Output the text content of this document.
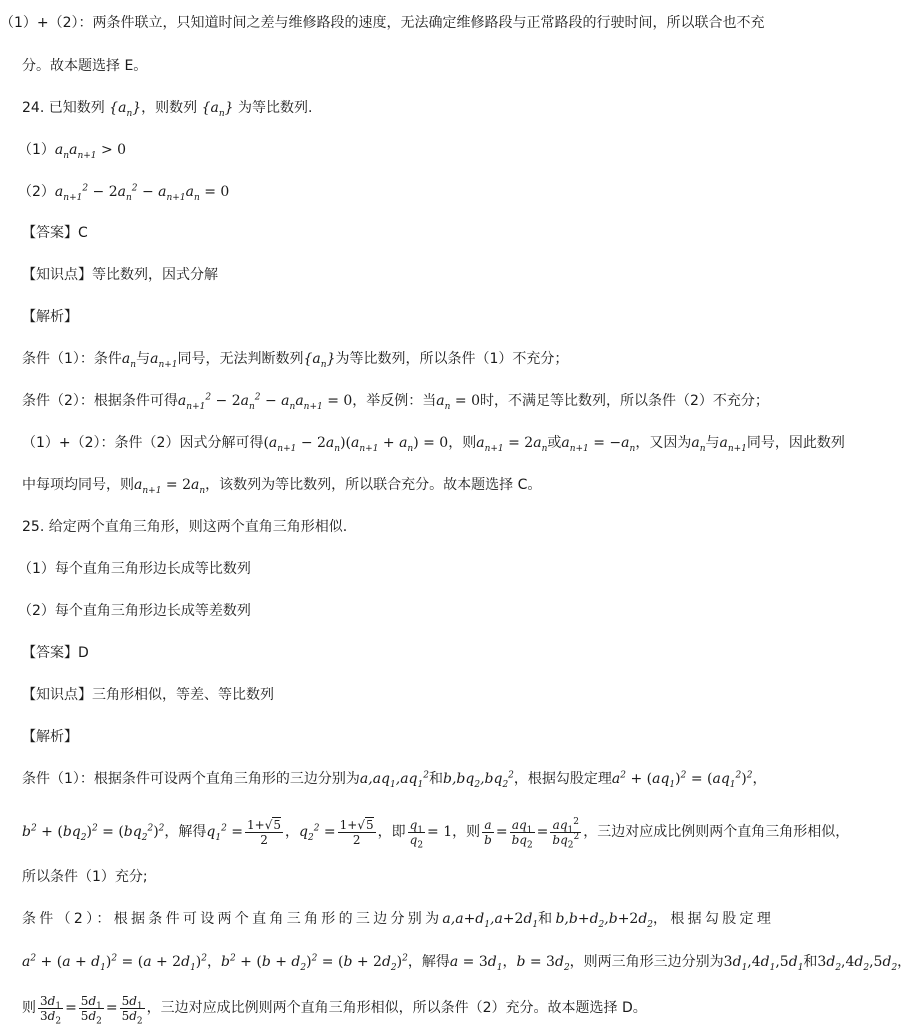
（1）+（2）：两条件联立，只知道时间之差与维修路段的速度，无法确定维修路段与正常路段的行驶时间，所以联合也不充
分。故本题选择 E。
24. 已知数列 $\{a_n\}$，则数列 $\{a_n\}$ 为等比数列.
$(1)a_na_{n+1} > 0$
$(2)a_{n+1}^2 - 2a_n^2 - a_{n+1}a_n = 0$
【答案】C
【知识点】等比数列，因式分解
【解析】
条件（1）：条件$a_n$与$a_{n+1}$同号，无法判断数列$\{a_n\}$为等比数列，所以条件（1）不充分；
条件（2）：根据条件可得$a_{n+1}^2 - 2a_n^2 - a_na_{n+1} = 0$，举反例：当$a_n = 0$时，不满足等比数列，所以条件（2）不充分；
（1）+（2）：条件（2）因式分解可得$(a_{n+1} - 2a_n)(a_{n+1} + a_n) = 0$，则$a_{n+1} = 2a_n$或$a_{n+1} = -a_n$，又因为$a_n$与$a_{n+1}$同号，因此数列
中每项均同号，则$a_{n+1} = 2a_n$，该数列为等比数列，所以联合充分。故本题选择 C。
25. 给定两个直角三角形，则这两个直角三角形相似.
（1）每个直角三角形边长成等比数列
（2）每个直角三角形边长成等差数列
【答案】D
【知识点】三角形相似，等差、等比数列
【解析】
条件（1）：根据条件可设两个直角三角形的三边分别为$a,aq_1,aq_1^2$和$b,bq_2,bq_2^2$，根据勾股定理$a^2 + (aq_1)^2 = (aq_1^2)^2$，
$b^2 + (bq_2)^2 = (bq_2^2)^2$，解得$q_1^2 = \frac{1+√5}{2}$ ，$q_2^2 = \frac{1+√5}{2}$ ，即 $\frac{q_1}{q_2} = 1$，则 $\frac{a}{b} = \frac{aq_1}{bq_2} = \frac{aq_1^2}{bq_2^2}$ ，三边对应成比例则两个直角三角形相似，
所以条件（1）充分;
条件（2）：根据条件可设两个直角三角形的三边分别为$a,a+d_1,a+2d_1$和$b,b+d_2,b+2d_2$，根据勾股定理
$a^2 + (a + d_1)^2 = (a + 2d_1)^2$，$b^2 + (b + d_2)^2 = (b + 2d_2)^2$，解得$a = 3d_1$，$b = 3d_2$，则两三角形三边分别为$3d_1,4d_1,5d_1$和$3d_2,4d_2,5d_2$，
则 $\frac{3d_1}{3d_2} = \frac{5d_1}{5d_2} = \frac{5d_1}{5d_2}$ ，三边对应成比例则两个直角三角形相似，所以条件（2）充分。故本题选择 D。
